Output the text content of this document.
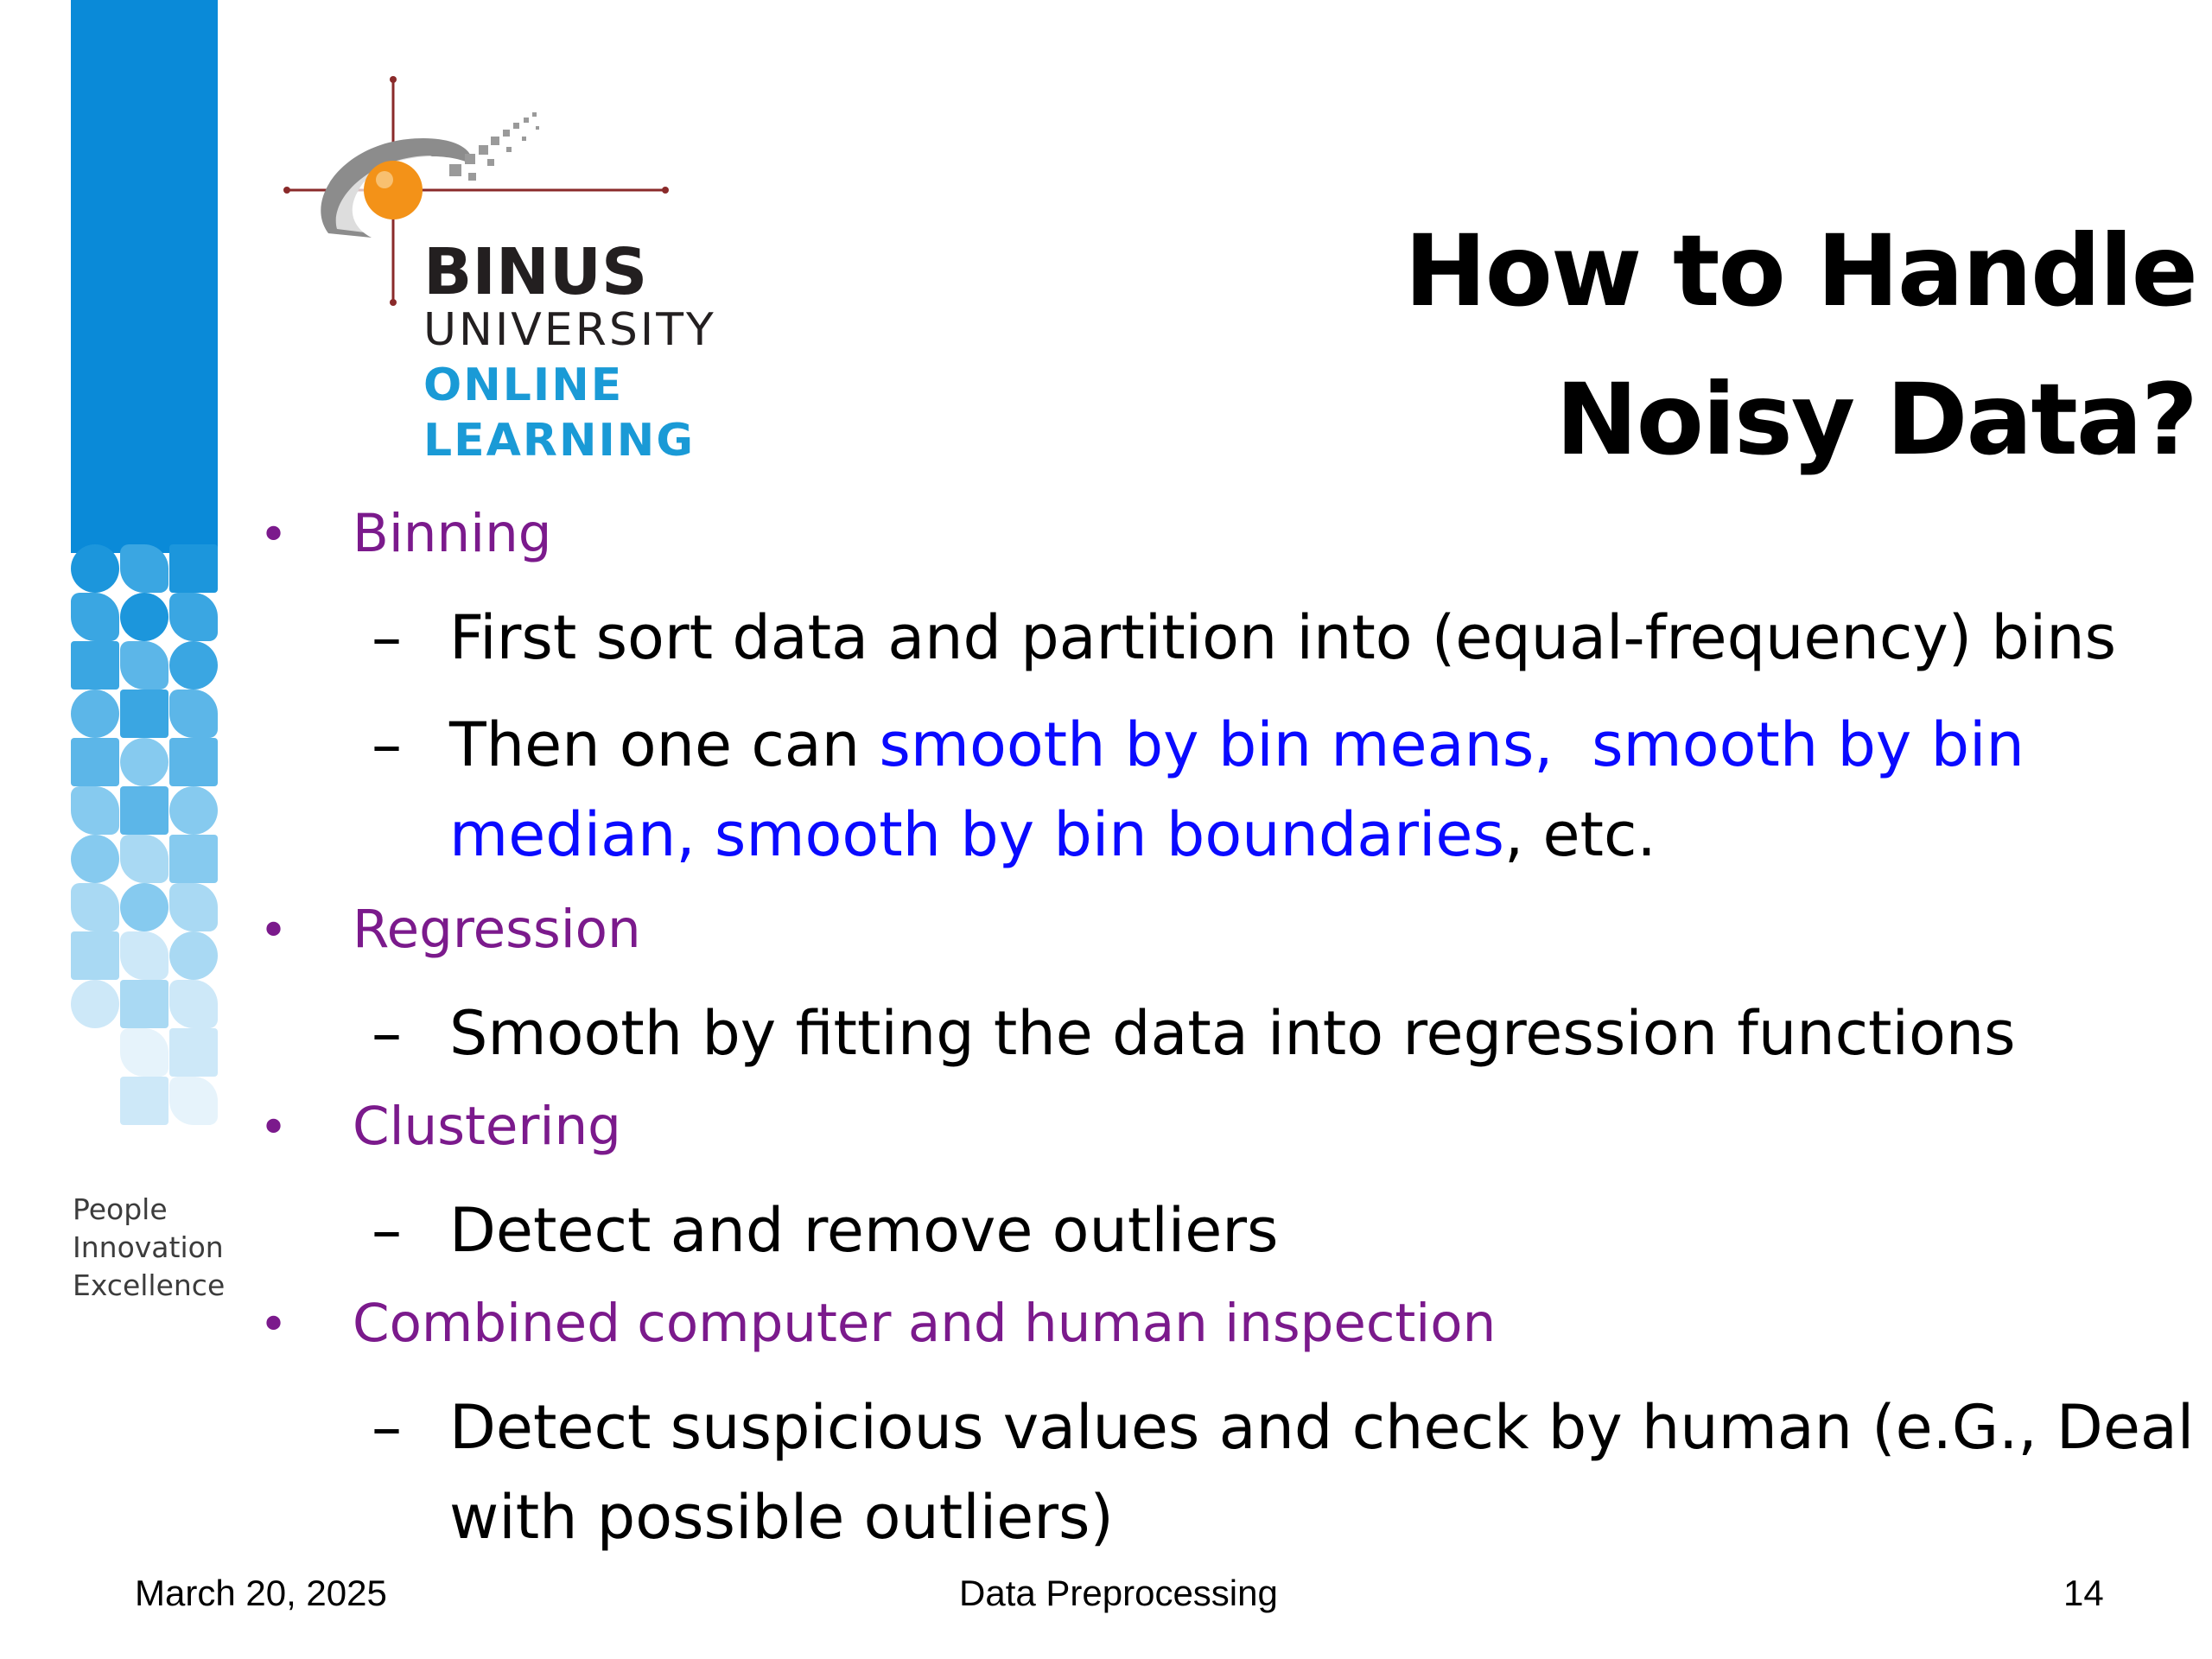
BINUS
UNIVERSITY
ONLINE
LEARNING
People
Innovation
Excellence
How to Handle
Noisy Data?
• Binning
– First sort data and partition into (equal-frequency) bins
– Then one can smooth by bin means, smooth by bin median, smooth by bin boundaries, etc.
• Regression
– Smooth by fitting the data into regression functions
• Clustering
– Detect and remove outliers
• Combined computer and human inspection
– Detect suspicious values and check by human (e.G., Deal with possible outliers)
March 20, 2025	Data Preprocessing	14
